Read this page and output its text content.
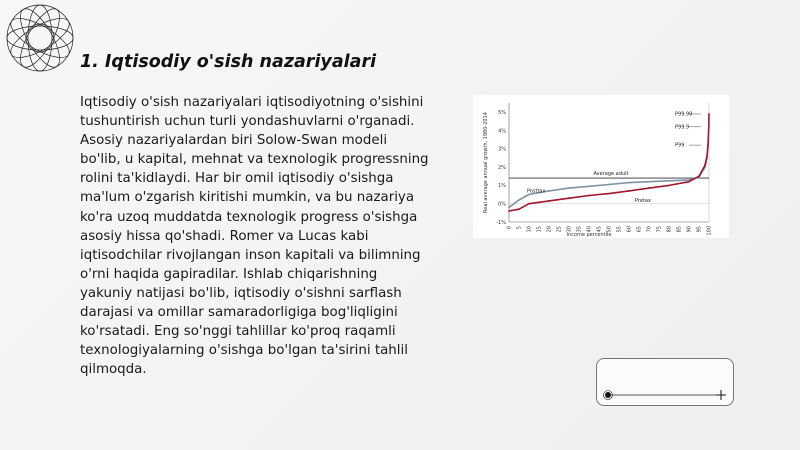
1. Iqtisodiy o'sish nazariyalari

Iqtisodiy o'sish nazariyalari iqtisodiyotning o'sishini tushuntirish uchun turli yondashuvlarni o'rganadi. Asosiy nazariyalardan biri Solow-Swan modeli bo'lib, u kapital, mehnat va texnologik progressning rolini ta'kidlaydi. Har bir omil iqtisodiy o'sishga ma'lum o'zgarish kiritishi mumkin, va bu nazariya ko'ra uzoq muddatda texnologik progress o'sishga asosiy hissa qo'shadi. Romer va Lucas kabi iqtisodchilar rivojlangan inson kapitali va bilimning o'rni haqida gapiradilar. Ishlab chiqarishning yakuniy natijasi bo'lib, iqtisodiy o'sishni sarflash darajasi va omillar samaradorligiga bog'liqligini ko'rsatadi. Eng so'nggi tahlillar ko'proq raqamli texnologiyalarning o'sishga bo'lgan ta'sirini tahlil qilmoqda.

-1%
0%
1%
2%
3%
4%
5%
0 5 10 15 20 25 30 35 40 45 50 55 60 65 70 75 80 85 90 95 100
Real average annual growth, 1980-2014
Income percentile
Average adult
Posttax
Pretax
P99.99
P99.9
P99
